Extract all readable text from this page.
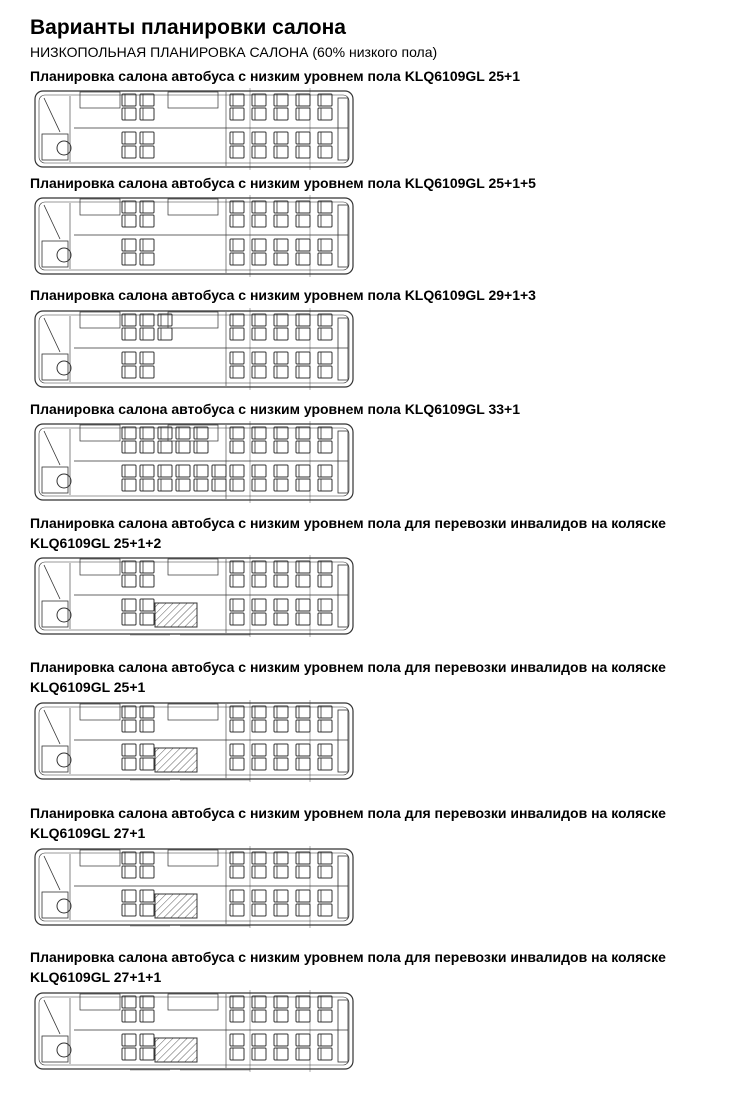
Варианты планировки салона
НИЗКОПОЛЬНАЯ ПЛАНИРОВКА САЛОНА (60% низкого пола)
Планировка салона автобуса с низким уровнем пола KLQ6109GL 25+1
Планировка салона автобуса с низким уровнем пола KLQ6109GL 25+1+5
Планировка салона автобуса с низким уровнем пола KLQ6109GL 29+1+3
Планировка салона автобуса с низким уровнем пола KLQ6109GL 33+1
Планировка салона автобуса с низким уровнем пола для перевозки инвалидов на коляске
KLQ6109GL 25+1+2
Планировка салона автобуса с низким уровнем пола для перевозки инвалидов на коляске
KLQ6109GL 25+1
Планировка салона автобуса с низким уровнем пола для перевозки инвалидов на коляске
KLQ6109GL 27+1
Планировка салона автобуса с низким уровнем пола для перевозки инвалидов на коляске
KLQ6109GL 27+1+1
